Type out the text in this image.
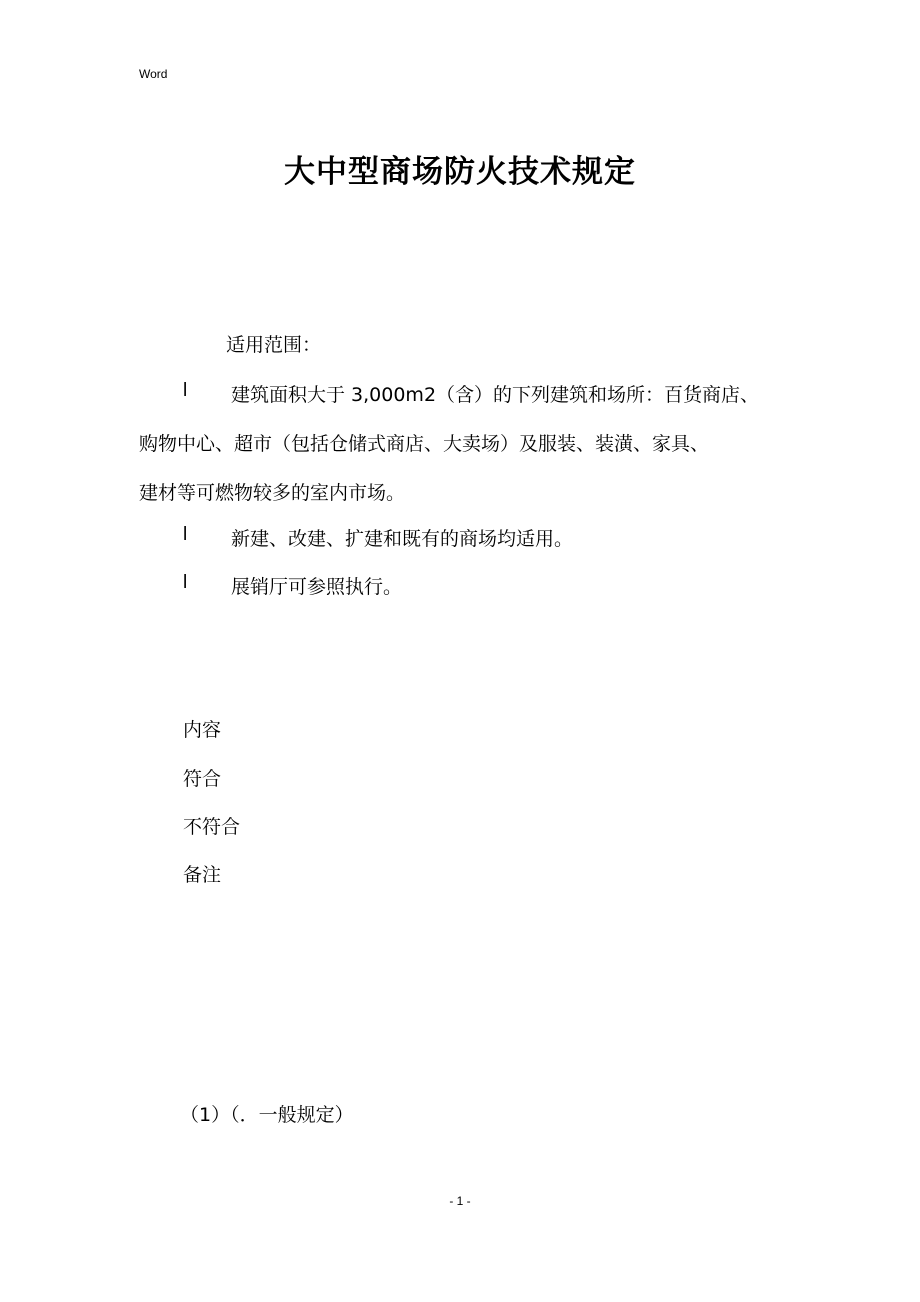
Word
大中型商场防火技术规定
适用范围：
l 建筑面积大于 3,000m2（含）的下列建筑和场所：百货商店、
购物中心、超市（包括仓储式商店、大卖场）及服装、装潢、家具、
建材等可燃物较多的室内市场。
l 新建、改建、扩建和既有的商场均适用。
l 展销厅可参照执行。
内容
符合
不符合
备注
（1）（．一般规定）
- 1 -
